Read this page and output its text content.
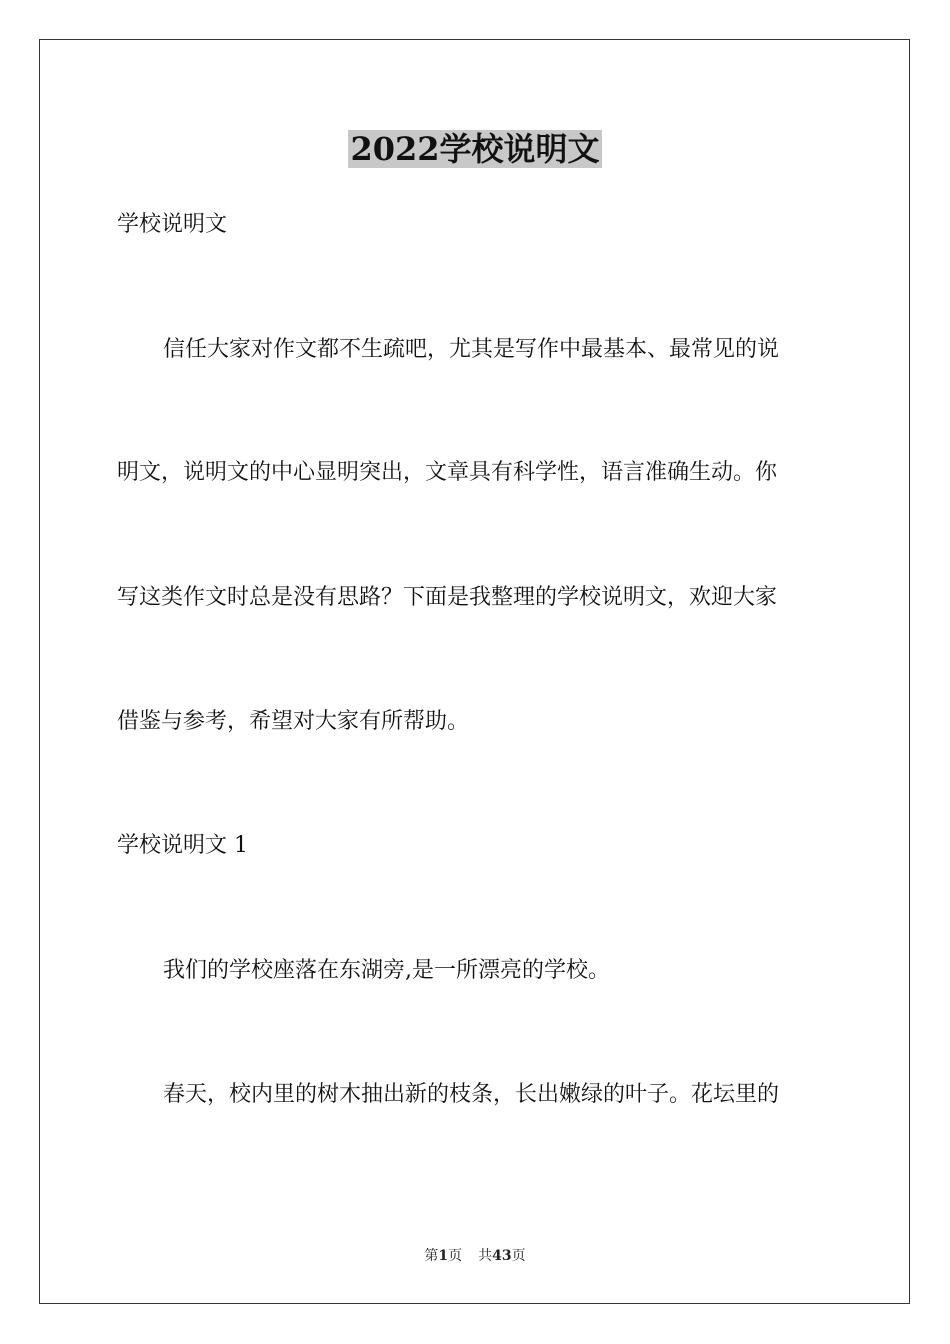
2022学校说明文
学校说明文
信任大家对作文都不生疏吧，尤其是写作中最基本、最常见的说
明文，说明文的中心显明突出，文章具有科学性，语言准确生动。你
写这类作文时总是没有思路？下面是我整理的学校说明文，欢迎大家
借鉴与参考，希望对大家有所帮助。
学校说明文 1
我们的学校座落在东湖旁,是一所漂亮的学校。
春天，校内里的树木抽出新的枝条，长出嫩绿的叶子。花坛里的
第1页 共43页
